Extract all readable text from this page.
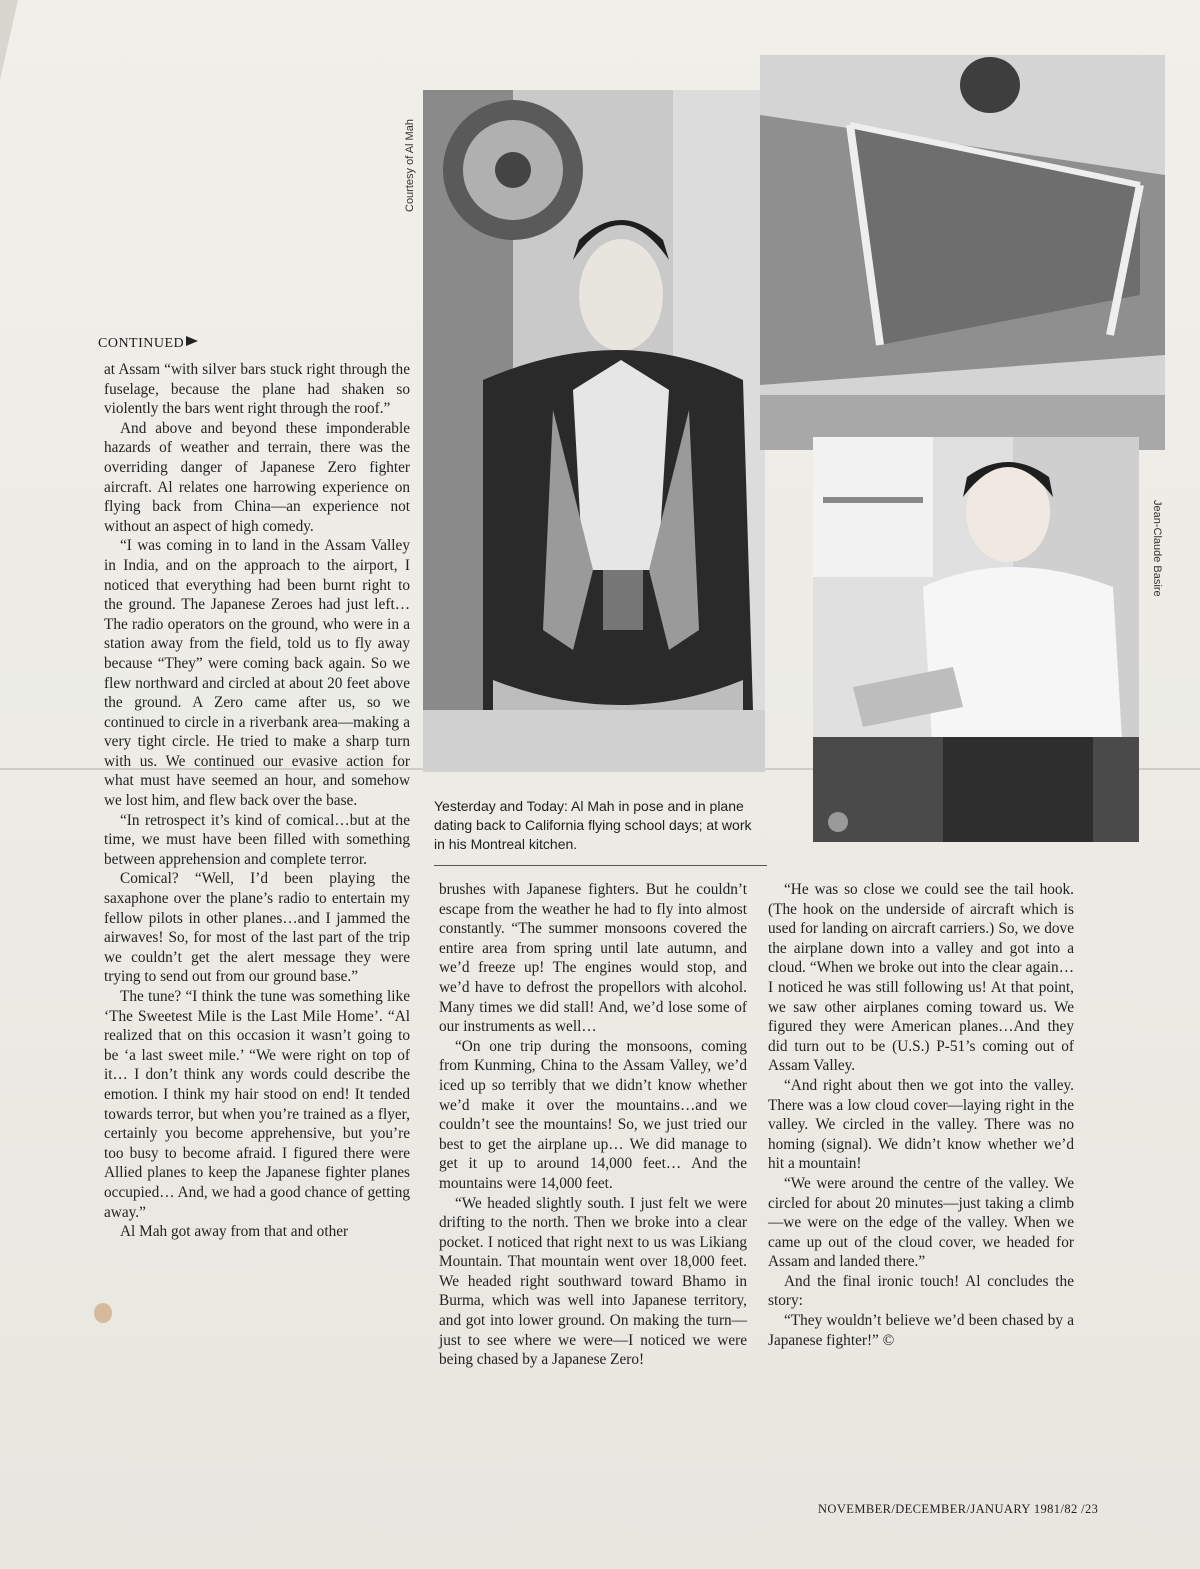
Courtesy of Al Mah
Jean-Claude Basire
CONTINUED

at Assam “with silver bars stuck right through the fuselage, because the plane had shaken so violently the bars went right through the roof.”

And above and beyond these imponderable hazards of weather and terrain, there was the overriding danger of Japanese Zero fighter aircraft. Al relates one harrowing experience on flying back from China—an experience not without an aspect of high comedy.

“I was coming in to land in the Assam Valley in India, and on the approach to the airport, I noticed that everything had been burnt right to the ground. The Japanese Zeroes had just left… The radio operators on the ground, who were in a station away from the field, told us to fly away because “They” were coming back again. So we flew northward and circled at about 20 feet above the ground. A Zero came after us, so we continued to circle in a riverbank area—making a very tight circle. He tried to make a sharp turn with us. We continued our evasive action for what must have seemed an hour, and somehow we lost him, and flew back over the base.

“In retrospect it’s kind of comical…but at the time, we must have been filled with something between apprehension and complete terror.

Comical? “Well, I’d been playing the saxaphone over the plane’s radio to entertain my fellow pilots in other planes…and I jammed the airwaves! So, for most of the last part of the trip we couldn’t get the alert message they were trying to send out from our ground base.”

The tune? “I think the tune was something like ‘The Sweetest Mile is the Last Mile Home’. “Al realized that on this occasion it wasn’t going to be ‘a last sweet mile.’ “We were right on top of it… I don’t think any words could describe the emotion. I think my hair stood on end! It tended towards terror, but when you’re trained as a flyer, certainly you become apprehensive, but you’re too busy to become afraid. I figured there were Allied planes to keep the Japanese fighter planes occupied… And, we had a good chance of getting away.”

Al Mah got away from that and other

Yesterday and Today: Al Mah in pose and in plane dating back to California flying school days; at work in his Montreal kitchen.

brushes with Japanese fighters. But he couldn’t escape from the weather he had to fly into almost constantly. “The summer monsoons covered the entire area from spring until late autumn, and we’d freeze up! The engines would stop, and we’d have to defrost the propellors with alcohol. Many times we did stall! And, we’d lose some of our instruments as well…

“On one trip during the monsoons, coming from Kunming, China to the Assam Valley, we’d iced up so terribly that we didn’t know whether we’d make it over the mountains…and we couldn’t see the mountains! So, we just tried our best to get the airplane up… We did manage to get it up to around 14,000 feet… And the mountains were 14,000 feet.

“We headed slightly south. I just felt we were drifting to the north. Then we broke into a clear pocket. I noticed that right next to us was Likiang Mountain. That mountain went over 18,000 feet. We headed right southward toward Bhamo in Burma, which was well into Japanese territory, and got into lower ground. On making the turn—just to see where we were—I noticed we were being chased by a Japanese Zero!

“He was so close we could see the tail hook. (The hook on the underside of aircraft which is used for landing on aircraft carriers.) So, we dove the airplane down into a valley and got into a cloud. “When we broke out into the clear again…I noticed he was still following us! At that point, we saw other airplanes coming toward us. We figured they were American planes…And they did turn out to be (U.S.) P-51’s coming out of Assam Valley.

“And right about then we got into the valley. There was a low cloud cover—laying right in the valley. We circled in the valley. There was no homing (signal). We didn’t know whether we’d hit a mountain!

“We were around the centre of the valley. We circled for about 20 minutes—just taking a climb—we were on the edge of the valley. When we came up out of the cloud cover, we headed for Assam and landed there.”

And the final ironic touch! Al concludes the story:

“They wouldn’t believe we’d been chased by a Japanese fighter!” ©

NOVEMBER/DECEMBER/JANUARY 1981/82 /23
